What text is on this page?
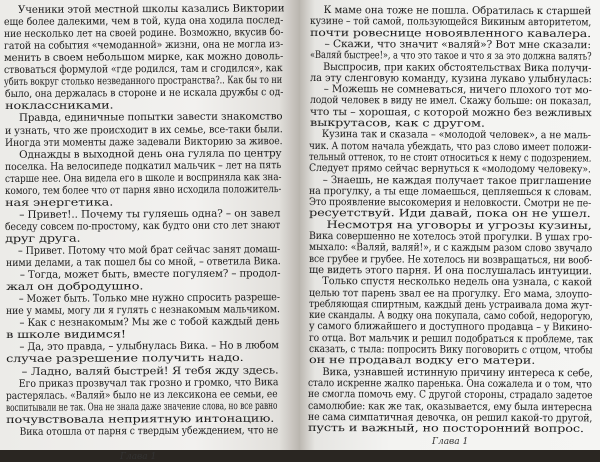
Ученики этой местной школы казались Виктории
еще более далекими, чем в той, куда она ходила послед-
ние несколько лет на своей родине. Возможно, вкусив бо-
гатой на события «чемоданной» жизни, она не могла из-
менить в своем небольшом мирке, как можно доволь-
ствоваться формулой «где родился, там и сгодился», как
убить вокруг столько незведанного пространства?.. Как бы то ни
было, она держалась в стороне и не искала дружбы с од-
ноклассниками.
Правда, единичные попытки завести знакомство
и узнать, что же происходит в их семье, все-таки были.
Иногда эти моменты даже задевали Викторию за живое.
Однажды в выходной день она гуляла по центру
поселка. На велосипеде подкатил мальчик – лет на пять
старше нее. Она видела его в школе и восприняла как зна-
комого, тем более что от парня явно исходила положитель-
ная энергетика.
– Привет!.. Почему ты гуляешь одна? – он завел
беседу совсем по-простому, как будто они сто лет знают
друг друга.
– Привет. Потому что мой брат сейчас занят домаш-
ними делами, а так пошел бы со мной, – ответила Вика.
– Тогда, может быть, вместе погуляем? – продол-
жал он добродушно.
– Может быть. Только мне нужно спросить разреше-
ние у мамы, могу ли я гулять с незнакомым мальчиком.
– Как с незнакомым? Мы же с тобой каждый день
в школе видимся!
– Да, это правда, – улыбнулась Вика. – Но в любом
случае разрешение получить надо.
– Ладно, валяй быстрей! Я тебя жду здесь.
Его приказ прозвучал так грозно и громко, что Вика
растерялась. «Валяй» было не из лексикона ее семьи, ее
воспитывали не так. Она не знала даже значение слова, но все равно
почувствовала неприятную интонацию.
Вика отошла от парня с твердым убеждением, что не
Глава 1
К маме она тоже не пошла. Обратилась к старшей
кузине – той самой, пользующейся Викиным авторитетом,
почти ровеснице новоявленного кавалера.
– Скажи, что значит «валяй»? Вот мне сказали:
«Валяй быстрее!», а что это такое и что я за это должна валять?
Выспросив, при каких обстоятельствах Вика получи-
ла эту сленговую команду, кузина лукаво улыбнулась:
– Можешь не сомневаться, ничего плохого тот мо-
лодой человек в виду не имел. Скажу больше: он показал,
что ты – хорошая, с которой можно без вежливых
выкрутасов, как с другом.
Кузина так и сказала – «молодой человек», а не маль-
чик. А потом начала убеждать, что раз слово имеет положи-
тельный оттенок, то не стоит относиться к нему с подозрением.
Следует прямо сейчас вернуться к «молодому человеку».
– Знаешь, не каждая получает такое приглашение
на прогулку, а ты еще ломаешься, цепляешься к словам.
Это проявление высокомерия и неловкости. Смотри не пе-
ресуетствуй. Иди давай, пока он не ушел.
Несмотря на уговоры и угрозы кузины,
Вика совершенно не хотелось этой прогулки. В ушах гро-
мыхало: «Валяй, валяй!», и с каждым разом слово звучало
все грубее и грубее. Не хотелось ни возвращаться, ни вооб-
ще видеть этого парня. И она послушалась интуиции.
Только спустя несколько недель она узнала, с какой
целью тот парень звал ее на прогулку. Его мама, злоупо-
требляющая спиртным, каждый день устраивала дома жут-
кие скандалы. А водку она покупала, само собой, недорогую,
у самого ближайшего и доступного продавца – у Викино-
го отца. Вот мальчик и решил подобраться к проблеме, так
сказать, с тыла: попросить Вику поговорить с отцом, чтобы
он не продавал водку его матери.
Вика, узнавшей истинную причину интереса к себе,
стало искренне жалко паренька. Она сожалела и о том, что
не смогла помочь ему. С другой стороны, страдало задетое
самолюбие: как же так, оказывается, ему была интересна
не сама симпатичная девочка, он решил какой-то другой,
пусть и важный, но посторонний вопрос.
Глава 1
